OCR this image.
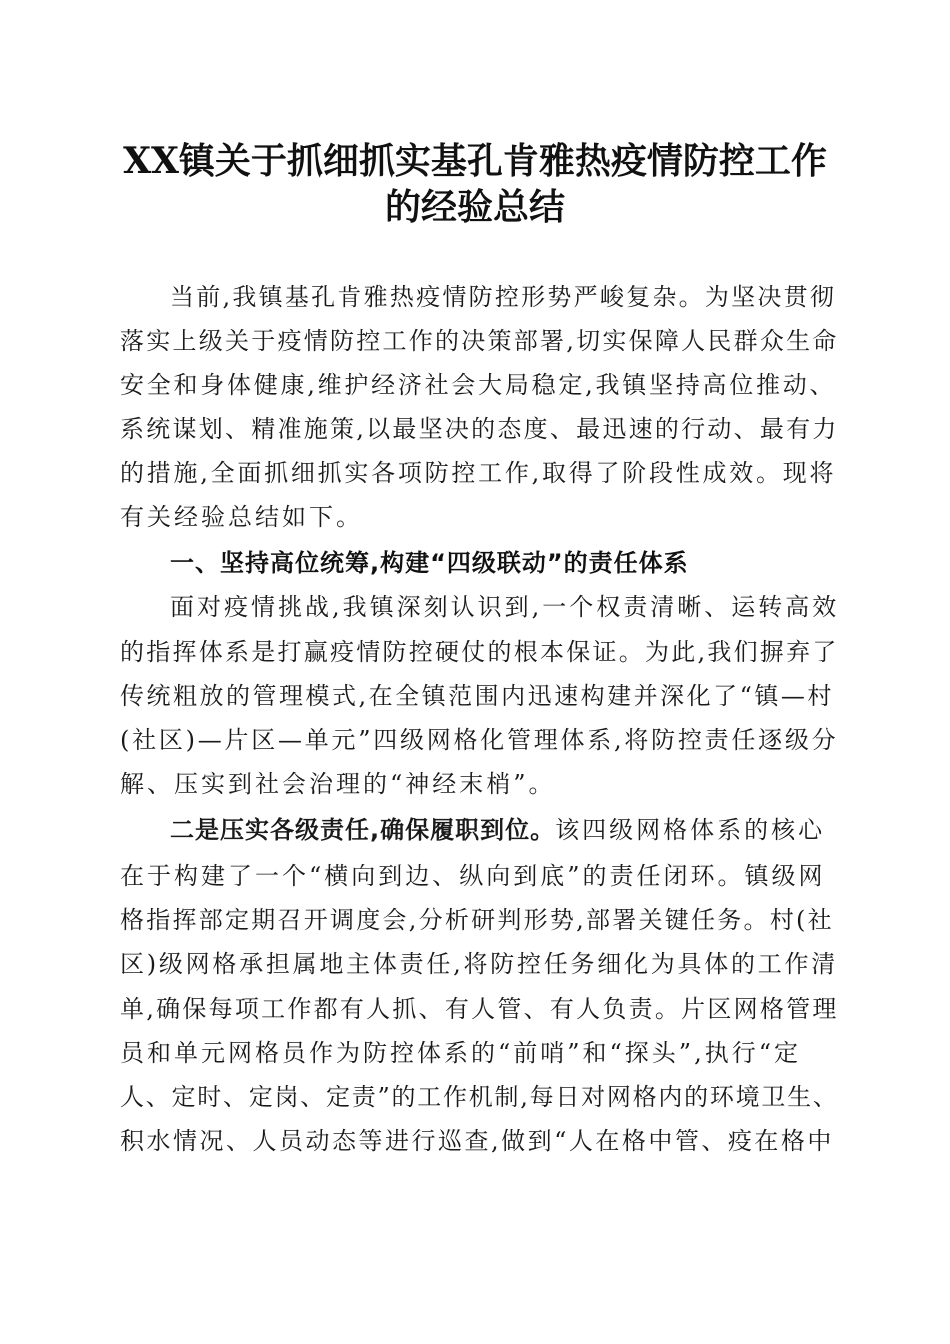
XX镇关于抓细抓实基孔肯雅热疫情防控工作
的经验总结

当前,我镇基孔肯雅热疫情防控形势严峻复杂。为坚决贯彻

落实上级关于疫情防控工作的决策部署,切实保障人民群众生命

安全和身体健康,维护经济社会大局稳定,我镇坚持高位推动、

系统谋划、精准施策,以最坚决的态度、最迅速的行动、最有力

的措施,全面抓细抓实各项防控工作,取得了阶段性成效。现将

有关经验总结如下。

一、坚持高位统筹,构建“四级联动”的责任体系

面对疫情挑战,我镇深刻认识到,一个权责清晰、运转高效

的指挥体系是打赢疫情防控硬仗的根本保证。为此,我们摒弃了

传统粗放的管理模式,在全镇范围内迅速构建并深化了“镇—村

(社区)—片区—单元”四级网格化管理体系,将防控责任逐级分

解、压实到社会治理的“神经末梢”。

二是压实各级责任,确保履职到位。该四级网格体系的核心

在于构建了一个“横向到边、纵向到底”的责任闭环。镇级网

格指挥部定期召开调度会,分析研判形势,部署关键任务。村(社

区)级网格承担属地主体责任,将防控任务细化为具体的工作清

单,确保每项工作都有人抓、有人管、有人负责。片区网格管理

员和单元网格员作为防控体系的“前哨”和“探头”,执行“定

人、定时、定岗、定责”的工作机制,每日对网格内的环境卫生、

积水情况、人员动态等进行巡查,做到“人在格中管、疫在格中
